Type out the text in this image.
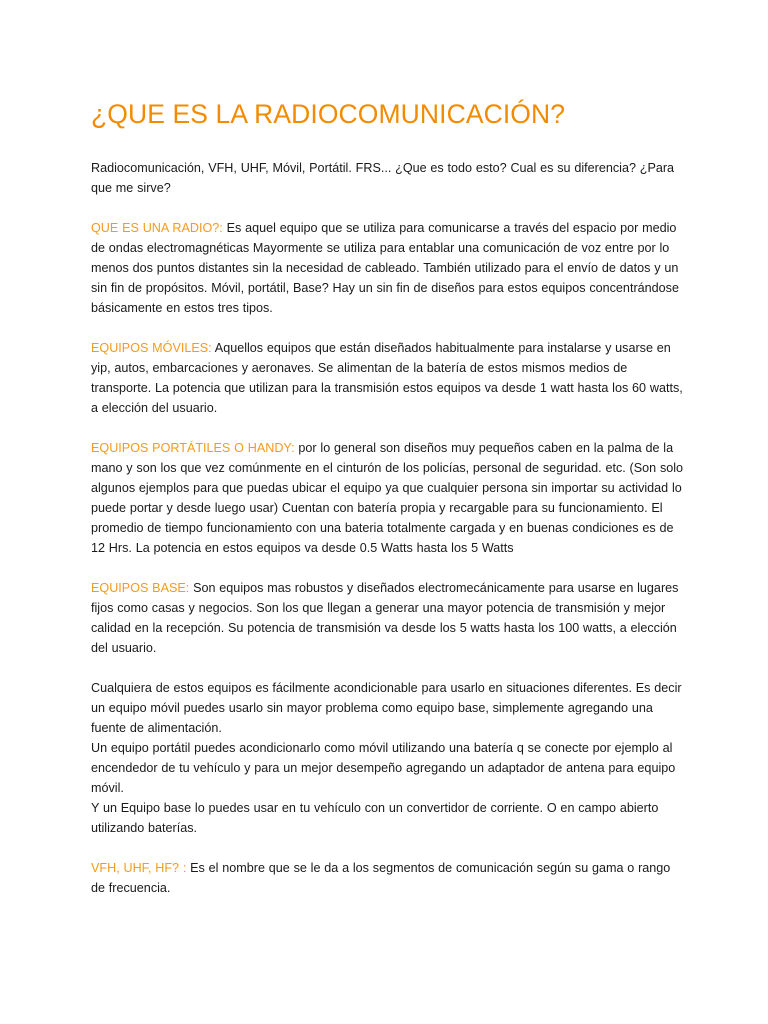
¿QUE ES LA RADIOCOMUNICACIÓN?

Radiocomunicación, VFH, UHF, Móvil, Portátil. FRS... ¿Que es todo esto? Cual es su diferencia? ¿Para que me sirve?

QUE ES UNA RADIO?: Es aquel equipo que se utiliza para comunicarse a través del espacio por medio de ondas electromagnéticas Mayormente se utiliza para entablar una comunicación de voz entre por lo menos dos puntos distantes sin la necesidad de cableado. También utilizado para el envío de datos y un sin fin de propósitos. Móvil, portátil, Base? Hay un sin fin de diseños para estos equipos concentrándose básicamente en estos tres tipos.

EQUIPOS MÓVILES: Aquellos equipos que están diseñados habitualmente para instalarse y usarse en yip, autos, embarcaciones y aeronaves. Se alimentan de la batería de estos mismos medios de transporte. La potencia que utilizan para la transmisión estos equipos va desde 1 watt hasta los 60 watts, a elección del usuario.

EQUIPOS PORTÁTILES O HANDY: por lo general son diseños muy pequeños caben en la palma de la mano y son los que vez comúnmente en el cinturón de los policías, personal de seguridad. etc. (Son solo algunos ejemplos para que puedas ubicar el equipo ya que cualquier persona sin importar su actividad lo puede portar y desde luego usar) Cuentan con batería propia y recargable para su funcionamiento. El promedio de tiempo funcionamiento con una bateria totalmente cargada y en buenas condiciones es de 12 Hrs. La potencia en estos equipos va desde 0.5 Watts hasta los 5 Watts

EQUIPOS BASE: Son equipos mas robustos y diseñados electromecánicamente para usarse en lugares fijos como casas y negocios. Son los que llegan a generar una mayor potencia de transmisión y mejor calidad en la recepción. Su potencia de transmisión va desde los 5 watts hasta los 100 watts, a elección del usuario.

Cualquiera de estos equipos es fácilmente acondicionable para usarlo en situaciones diferentes. Es decir un equipo móvil puedes usarlo sin mayor problema como equipo base, simplemente agregando una fuente de alimentación.

Un equipo portátil puedes acondicionarlo como móvil utilizando una batería q se conecte por ejemplo al encendedor de tu vehículo y para un mejor desempeño agregando un adaptador de antena para equipo móvil.

Y un Equipo base lo puedes usar en tu vehículo con un convertidor de corriente. O en campo abierto utilizando baterías.

VFH, UHF, HF? : Es el nombre que se le da a los segmentos de comunicación según su gama o rango de frecuencia.
